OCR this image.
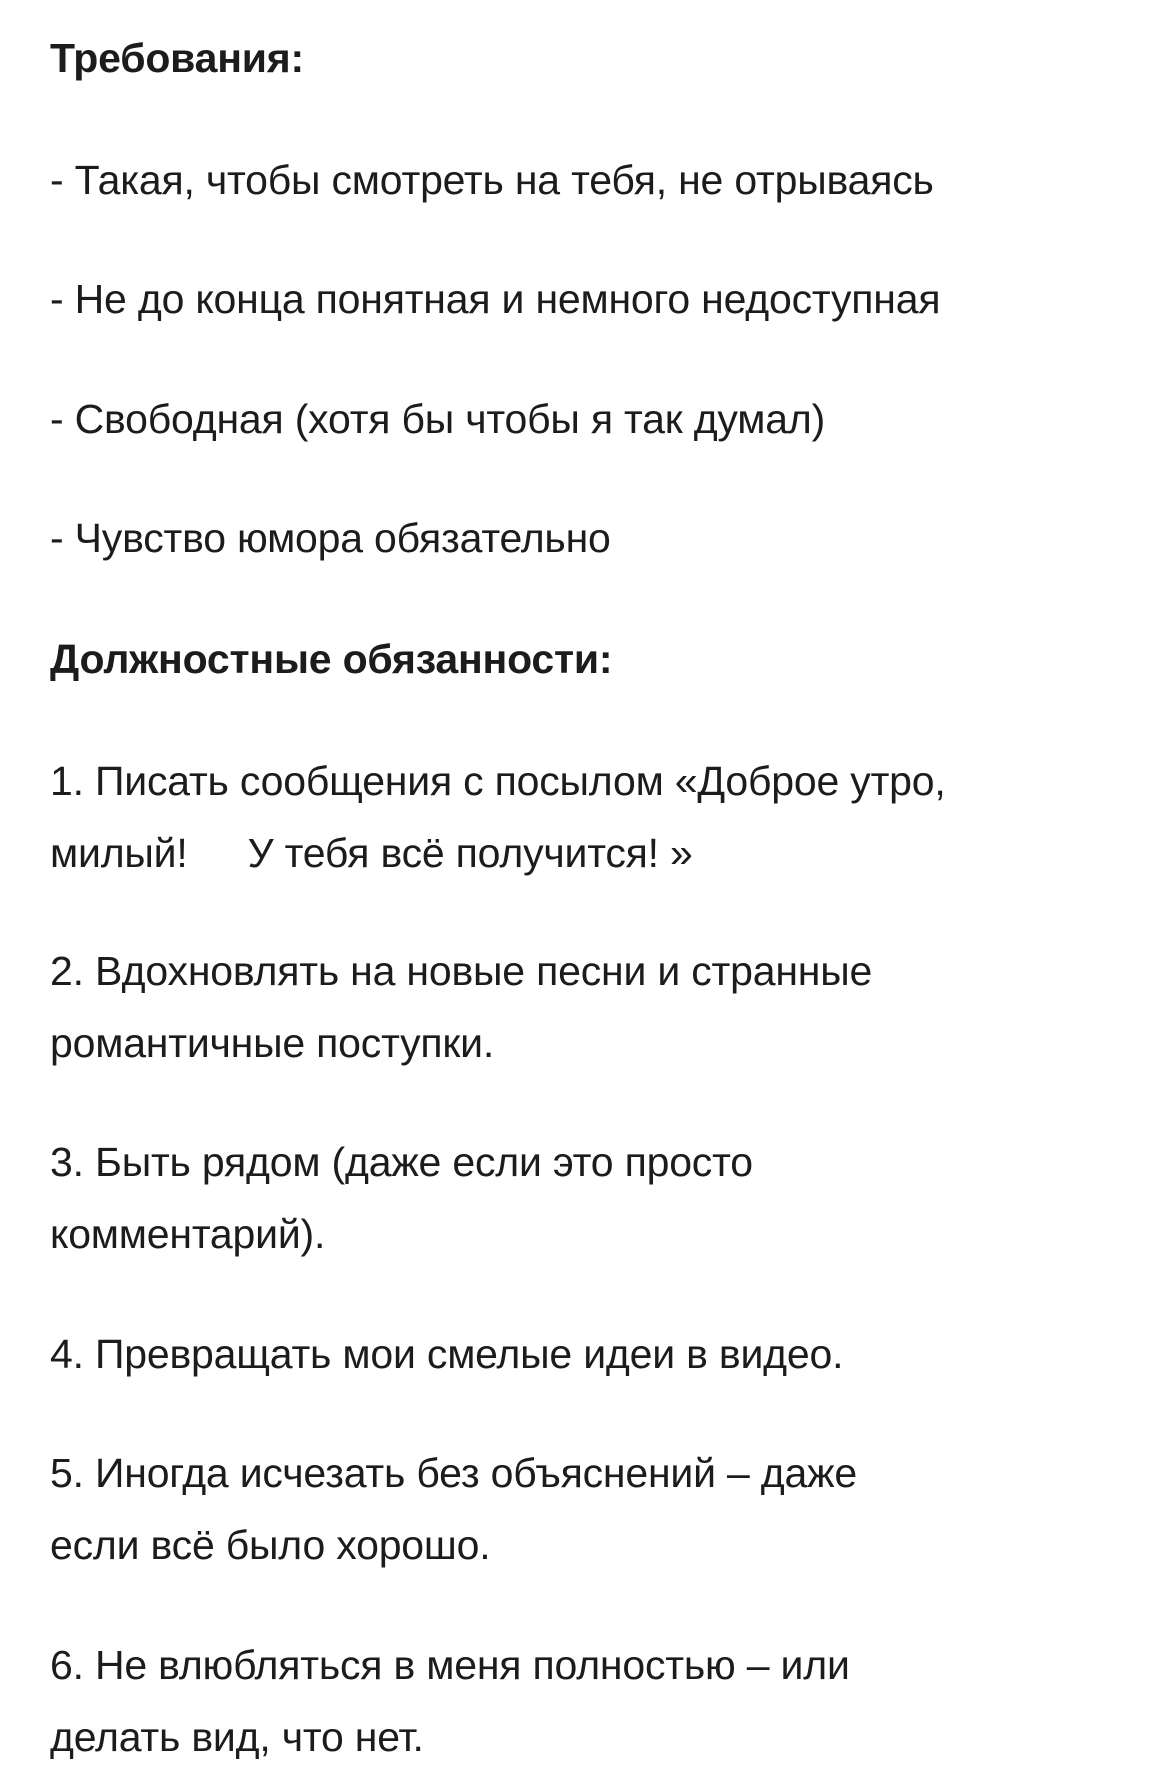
Требования:
- Такая, чтобы смотреть на тебя, не отрываясь
- Не до конца понятная и немного недоступная
- Свободная (хотя бы чтобы я так думал)
- Чувство юмора обязательно
Должностные обязанности:
1. Писать сообщения с посылом «Доброе утро,
милый! У тебя всё получится! »
2. Вдохновлять на новые песни и странные
романтичные поступки.
3. Быть рядом (даже если это просто
комментарий).
4. Превращать мои смелые идеи в видео.
5. Иногда исчезать без объяснений – даже
если всё было хорошо.
6. Не влюбляться в меня полностью – или
делать вид, что нет.
